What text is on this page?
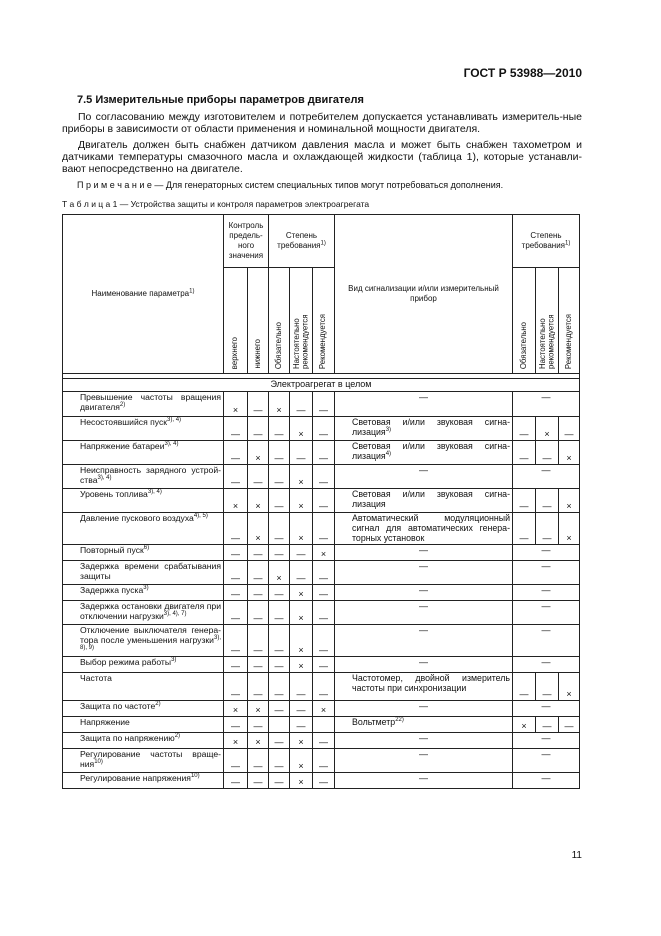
ГОСТ Р 53988—2010
7.5 Измерительные приборы параметров двигателя
По согласованию между изготовителем и потребителем допускается устанавливать измеритель-ные приборы в зависимости от области применения и номинальной мощности двигателя.
Двигатель должен быть снабжен датчиком давления масла и может быть снабжен тахометром и датчиками температуры смазочного масла и охлаждающей жидкости (таблица 1), которые устанавли-вают непосредственно на двигателе.
П р и м е ч а н и е — Для генераторных систем специальных типов могут потребоваться дополнения.
Т а б л и ц а 1 — Устройства защиты и контроля параметров электроагрегата
Наименование параметра$^{1)}$	Контроль предель-ного значения		Степень требования$^{1)}$			Вид сигнализации и/или измерительный прибор	Степень требования$^{1)}$
	верхнего	нижнего	Обязательно	Настоятельно рекомендуется	Рекомендуется		Обязательно	Настоятельно рекомендуется	Рекомендуется

Электроагрегат в целом									

Превышение частоты вращения двигателя$^{2)}$	×	—	×	—	—	—	—		

Несостоявшийся пуск$^{3), 4)}$	—	—	—	×	—	Световая и/или звуковая сигна-лизация$^{3)}$	—	×	—

Напряжение батареи$^{3), 4)}$	—	×	—	—	—	Световая и/или звуковая сигна-лизация$^{4)}$	—	—	×

Неисправность зарядного устрой- ства$^{3), 4)}$	—	—	—	×	—	—	—		

Уровень топлива$^{3), 4)}$	×	×	—	×	—	Световая и/или звуковая сигна-лизация	—	—	×

Давление пускового воздуха$^{4), 5)}$	—	×	—	×	—	Автоматический модуляционный сигнал для автоматических генера-торных установок	—	—	×

Повторный пуск$^{6)}$	—	—	—	—	×	—	—		

Задержка времени срабатывания защиты	—	—	×	—	—	—	—		

Задержка пуска$^{3)}$	—	—	—	×	—	—	—		

Задержка остановки двигателя при отключении нагрузки$^{3), 4), 7)}$	—	—	—	×	—	—	—		

Отключение выключателя генера-тора после уменьшения нагрузки$^{3), 8), 9)}$	—	—	—	×	—	—	—		

Выбор режима работы$^{3)}$	—	—	—	×	—	—	—		

Частота	—	—	—	—	—	Частотомер, двойной измеритель частоты при синхронизации	—	—	×

Защита по частоте$^{2)}$	×	×	—	—	×	—	—		

Напряжение	—	—		—		Вольтметр$^{22)}$	×	—	—

Защита по напряжению$^{2)}$	×	×	—	×	—	—	—		

Регулирование частоты враще-ния$^{10)}$	—	—	—	×	—	—	—		

Регулирование напряжения$^{10)}$	—	—	—	×	—	—	—		
11
